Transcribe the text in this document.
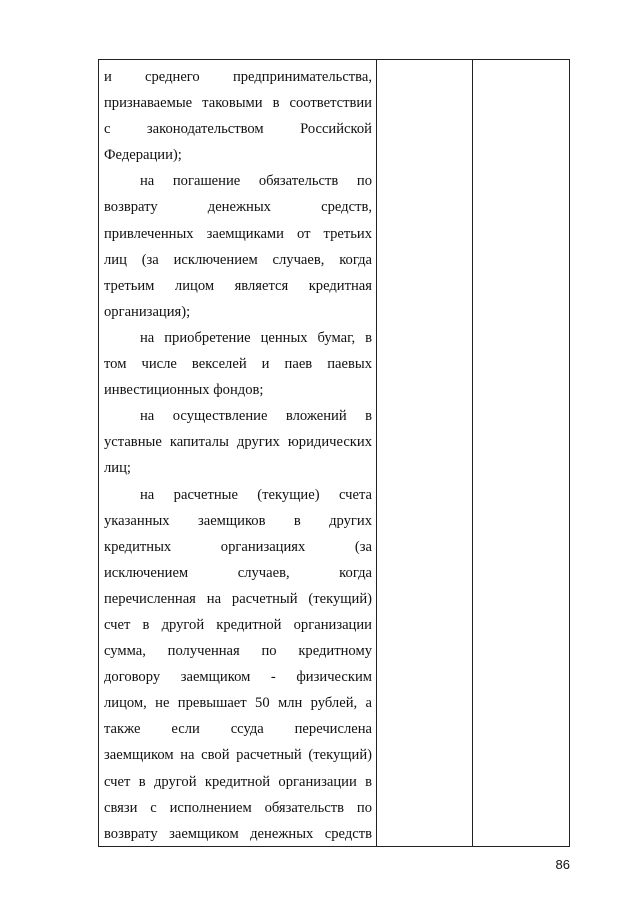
и среднего предпринимательства,
признаваемые таковыми в соответствии
с законодательством Российской
Федерации);
на погашение обязательств по
возврату денежных средств,
привлеченных заемщиками от третьих
лиц (за исключением случаев, когда
третьим лицом является кредитная
организация);
на приобретение ценных бумаг, в
том числе векселей и паев паевых
инвестиционных фондов;
на осуществление вложений в
уставные капиталы других юридических
лиц;
на расчетные (текущие) счета
указанных заемщиков в других
кредитных организациях (за
исключением случаев, когда
перечисленная на расчетный (текущий)
счет в другой кредитной организации
сумма, полученная по кредитному
договору заемщиком - физическим
лицом, не превышает 50 млн рублей, а
также если ссуда перечислена
заемщиком на свой расчетный (текущий)
счет в другой кредитной организации в
связи с исполнением обязательств по
возврату заемщиком денежных средств
86
